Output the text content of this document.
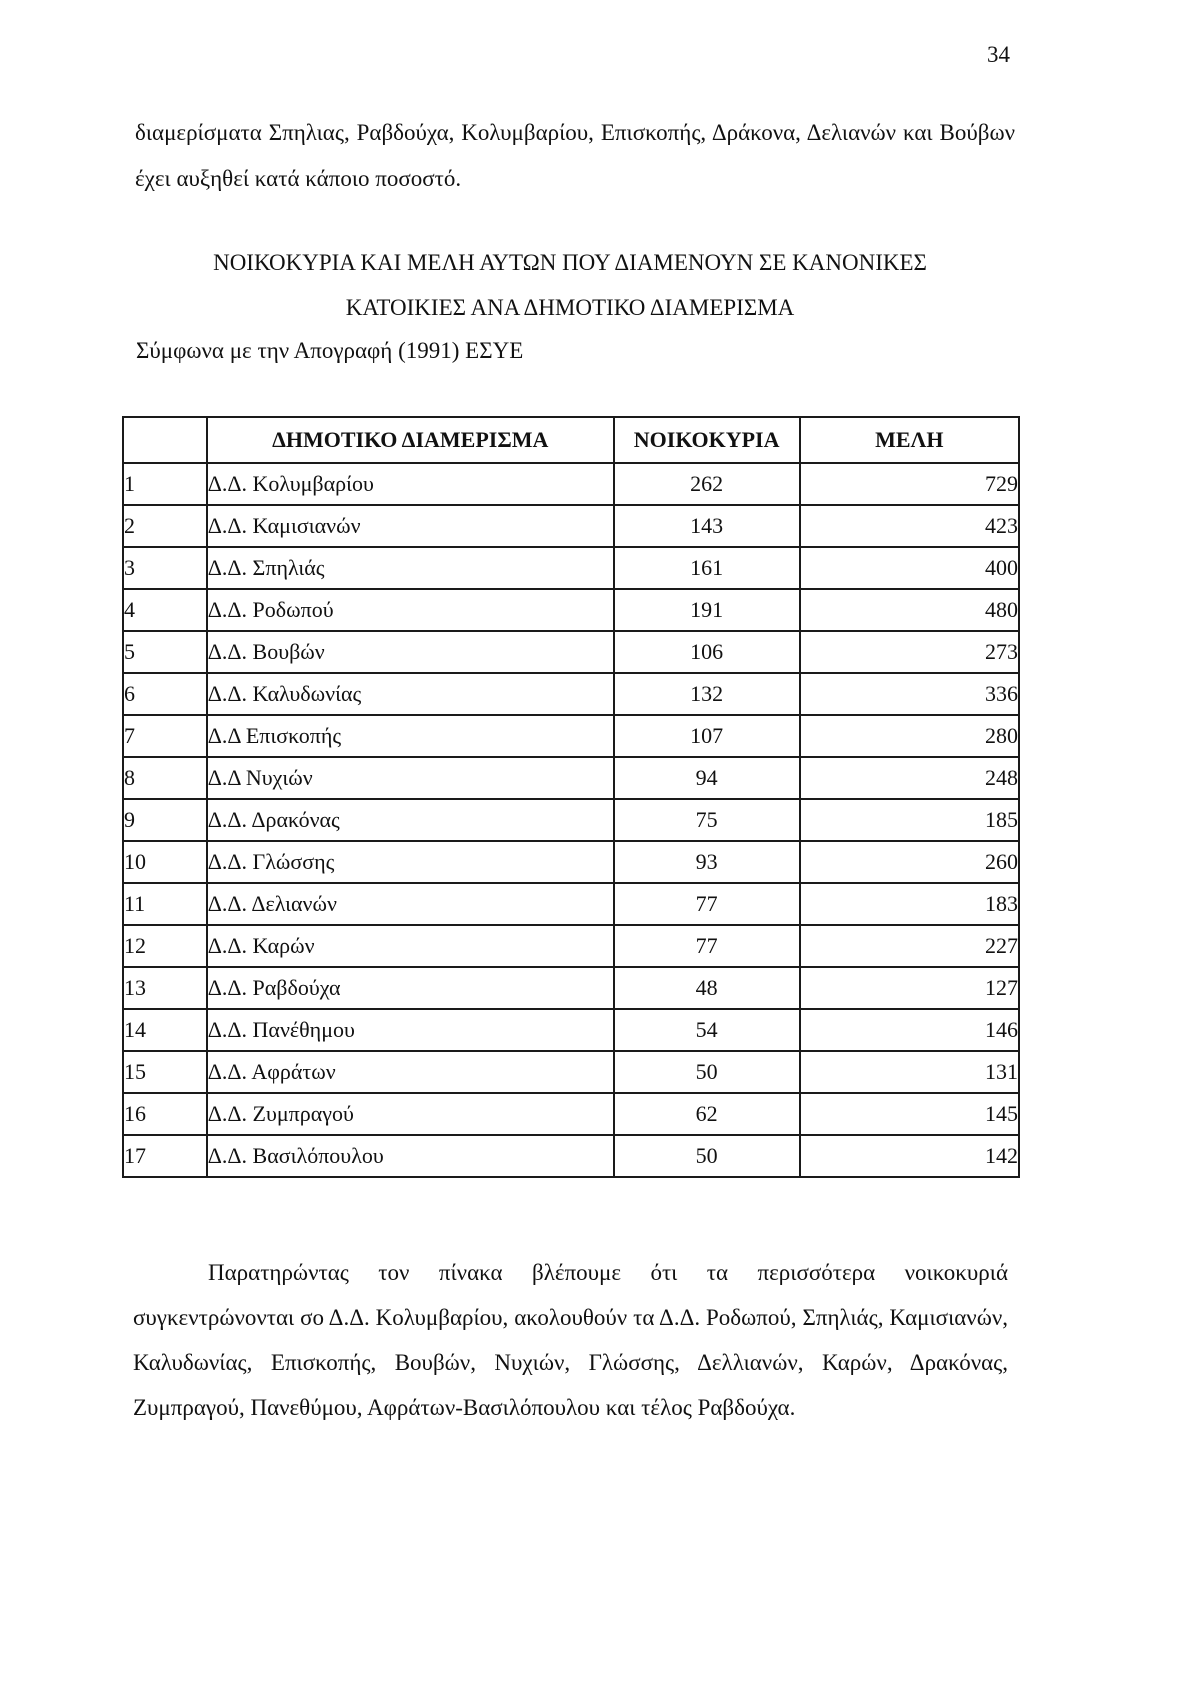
34

διαμερίσματα Σπηλιας, Ραβδούχα, Κολυμβαρίου, Επισκοπής, Δράκονα, Δελιανών και Βούβων έχει αυξηθεί κατά κάποιο ποσοστό.

ΝΟΙΚΟΚΥΡΙΑ ΚΑΙ ΜΕΛΗ ΑΥΤΩΝ ΠΟΥ ΔΙΑΜΕΝΟΥΝ ΣΕ ΚΑΝΟΝΙΚΕΣ
ΚΑΤΟΙΚΙΕΣ ΑΝΑ ΔΗΜΟΤΙΚΟ ΔΙΑΜΕΡΙΣΜΑ
Σύμφωνα με την Απογραφή (1991) ΕΣΥΕ
	ΔΗΜΟΤΙΚΟ ΔΙΑΜΕΡΙΣΜΑ	ΝΟΙΚΟΚΥΡΙΑ	ΜΕΛΗ
1	Δ.Δ. Κολυμβαρίου	262	729
2	Δ.Δ. Καμισιανών	143	423
3	Δ.Δ. Σπηλιάς	161	400
4	Δ.Δ. Ροδωπού	191	480
5	Δ.Δ. Βουβών	106	273
6	Δ.Δ. Καλυδωνίας	132	336
7	Δ.Δ Επισκοπής	107	280
8	Δ.Δ Νυχιών	94	248
9	Δ.Δ. Δρακόνας	75	185
10	Δ.Δ. Γλώσσης	93	260
11	Δ.Δ. Δελιανών	77	183
12	Δ.Δ. Καρών	77	227
13	Δ.Δ. Ραβδούχα	48	127
14	Δ.Δ. Πανέθημου	54	146
15	Δ.Δ. Αφράτων	50	131
16	Δ.Δ. Ζυμπραγού	62	145
17	Δ.Δ. Βασιλόπουλου	50	142

Παρατηρώντας τον πίνακα βλέπουμε ότι τα περισσότερα νοικοκυριά συγκεντρώνονται σο Δ.Δ. Κολυμβαρίου, ακολουθούν τα Δ.Δ. Ροδωπού, Σπηλιάς, Καμισιανών, Καλυδωνίας, Επισκοπής, Βουβών, Νυχιών, Γλώσσης, Δελλιανών, Καρών, Δρακόνας, Ζυμπραγού, Πανεθύμου, Αφράτων-Βασιλόπουλου και τέλος Ραβδούχα.
